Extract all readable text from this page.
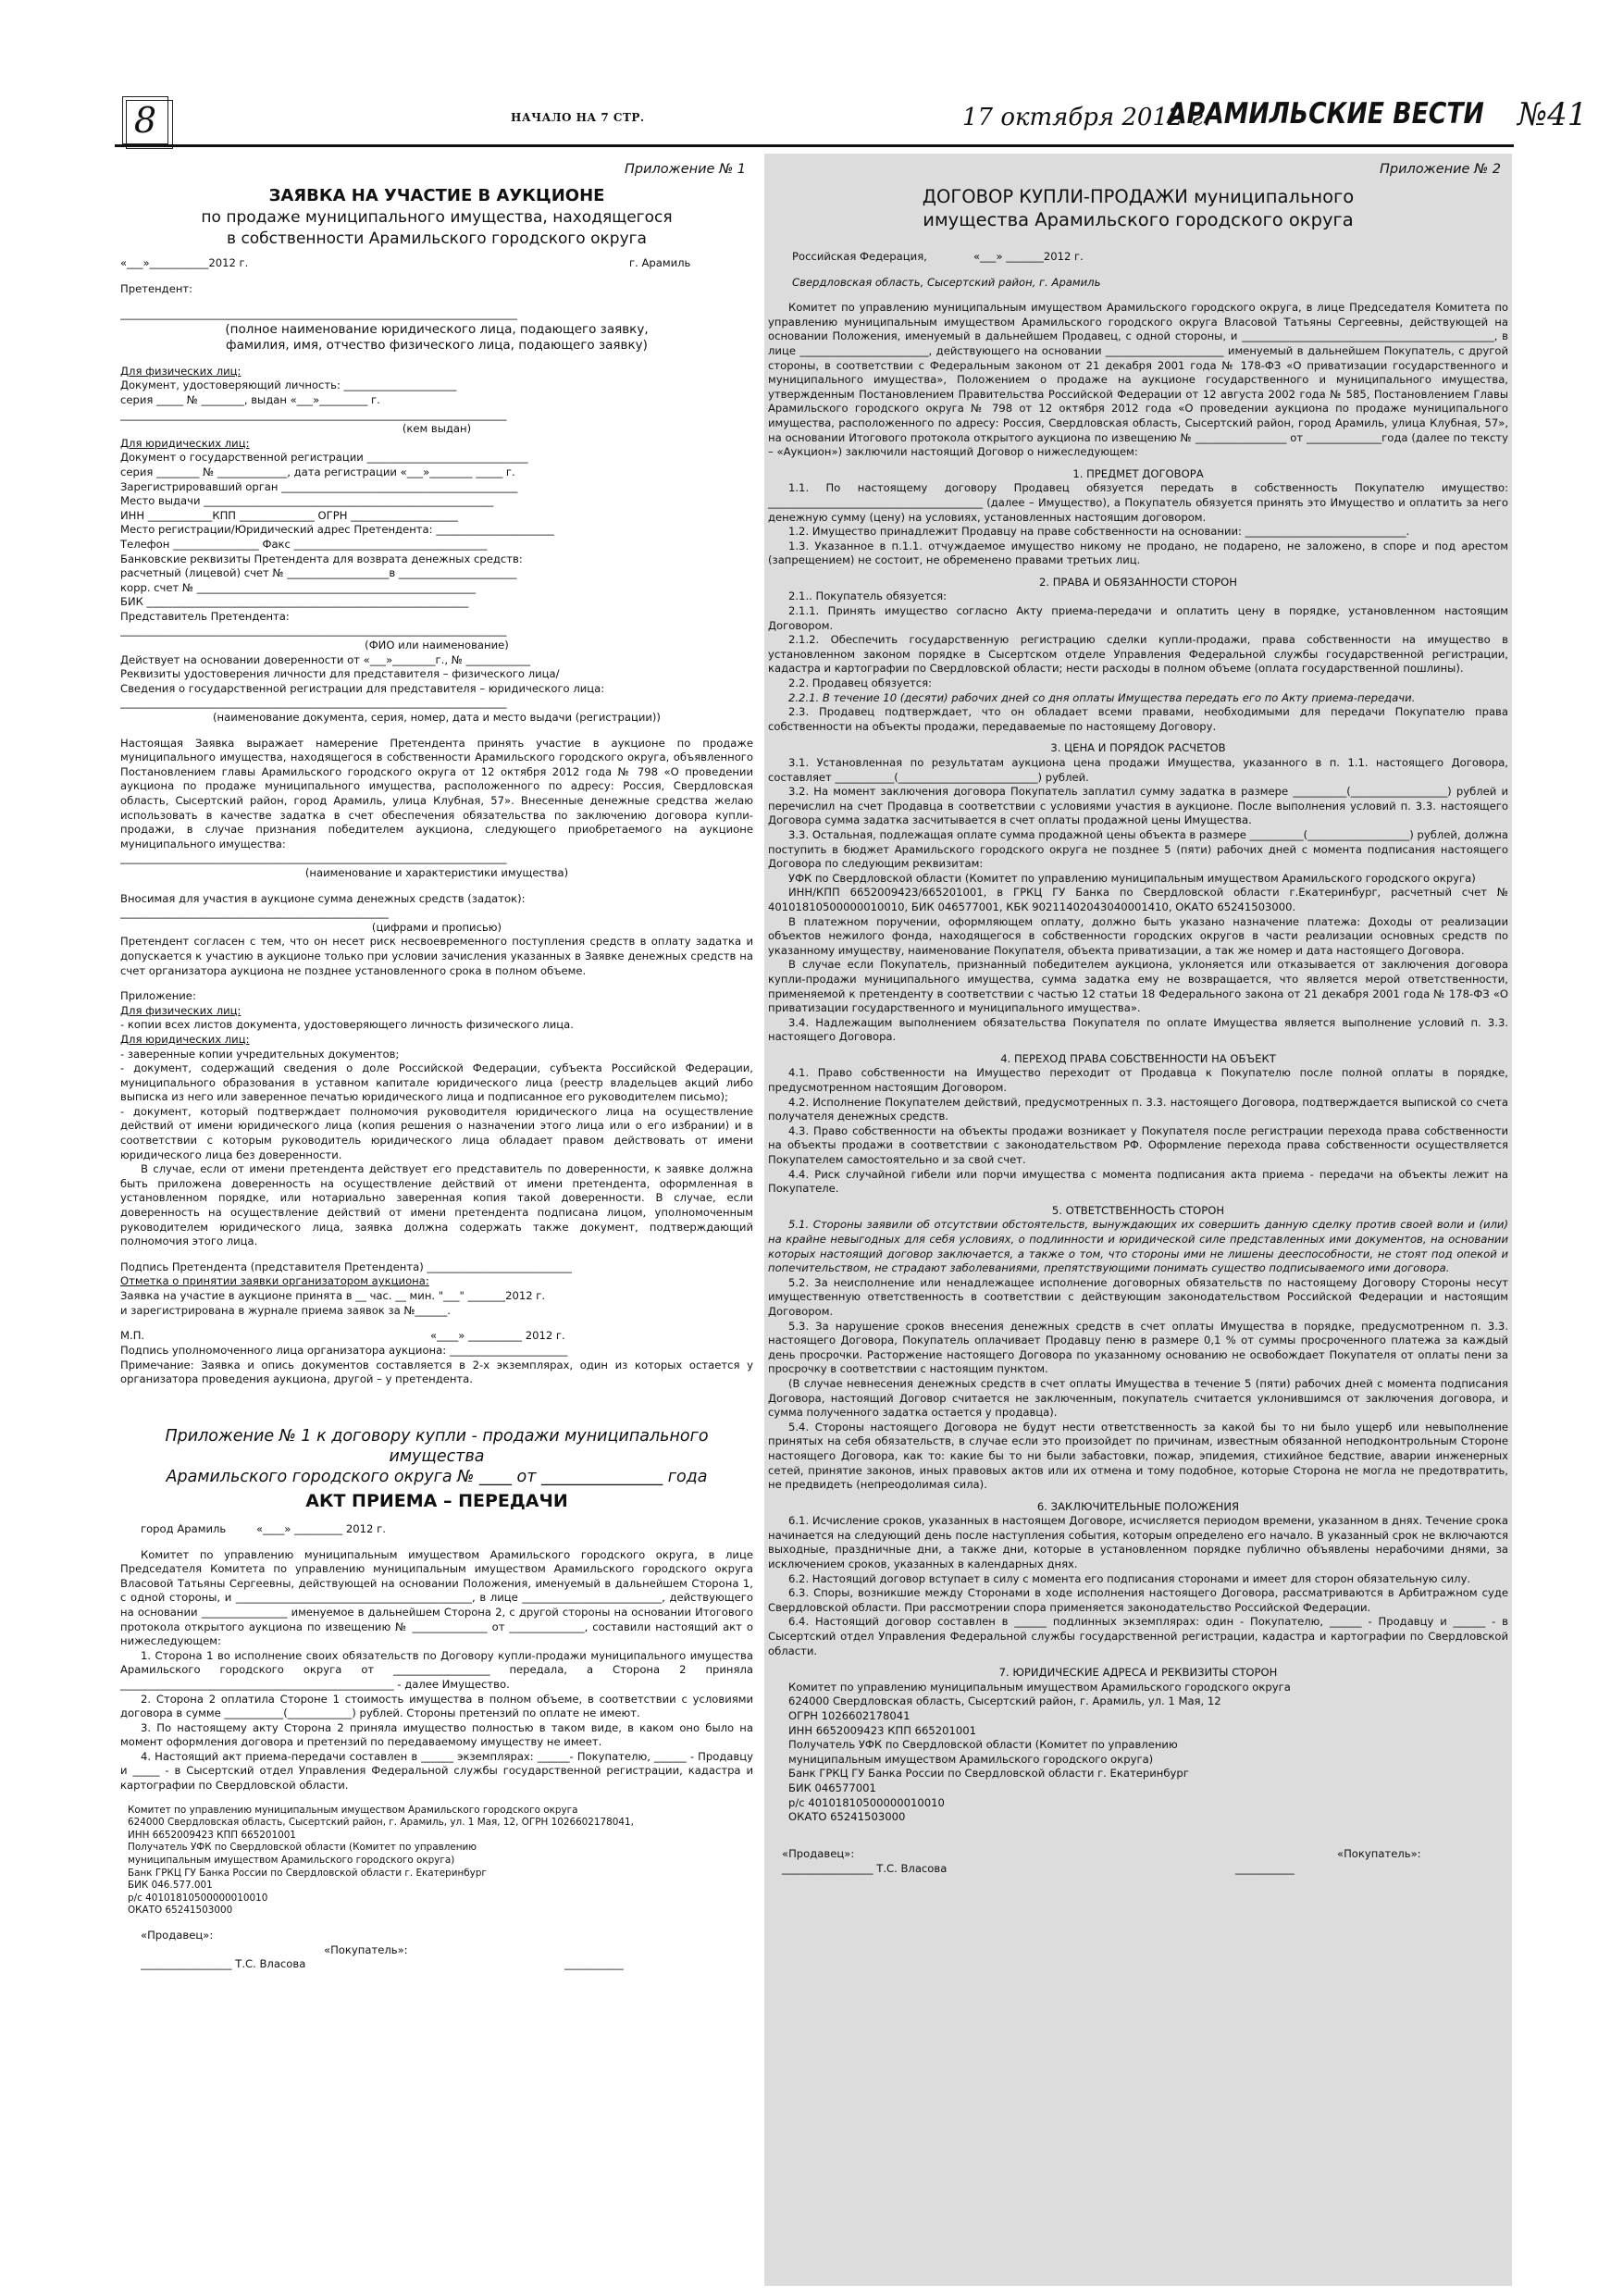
8	НАЧАЛО НА 7 СТР.	17 октября 2012 г.
АРАМИЛЬСКИЕ ВЕСТИ №41
Приложение № 1
ЗАЯВКА НА УЧАСТИЕ В АУКЦИОНЕ
по продаже муниципального имущества, находящегося
в собственности Арамильского городского округа
«___»___________2012 г.	г. Арамиль
Претендент:
__________________________________________________________________________
(полное наименование юридического лица, подающего заявку,
фамилия, имя, отчество физического лица, подающего заявку)
Для физических лиц:
Документ, удостоверяющий личность: _____________________
серия _____ № ________, выдан «___»_________ г.
________________________________________________________________________
(кем выдан)
Для юридических лиц:
Документ о государственной регистрации ______________________________
серия ________ № _____________, дата регистрации «___»________ _____ г.
Зарегистрировавший орган ____________________________________________
Место выдачи ______________________________________________________
ИНН ____________КПП ______________ ОГРН ____________________
Место регистрации/Юридический адрес Претендента: ______________________
Телефон ________________ Факс ____________________________________
Банковские реквизиты Претендента для возврата денежных средств:
расчетный (лицевой) счет № ___________________в ______________________
корр. счет № ____________________________________________________
БИК ____________________________________________________________
Представитель Претендента:
________________________________________________________________________
(ФИО или наименование)
Действует на основании доверенности от «___»________г., № ____________
Реквизиты удостоверения личности для представителя – физического лица/
Сведения о государственной регистрации для представителя – юридического лица:
________________________________________________________________________
(наименование документа, серия, номер, дата и место выдачи (регистрации))
Настоящая Заявка выражает намерение Претендента принять участие в аукционе по продаже муниципального имущества, находящегося в собственности Арамильского городского округа, объявленного Постановлением главы Арамильского городского округа от 12 октября 2012 года № 798 «О проведении аукциона по продаже муниципального имущества, расположенного по адресу: Россия, Свердловская область, Сысертский район, город Арамиль, улица Клубная, 57». Внесенные денежные средства желаю использовать в качестве задатка в счет обеспечения обязательства по заключению договора купли-продажи, в случае признания победителем аукциона, следующего приобретаемого на аукционе муниципального имущества:
________________________________________________________________________
(наименование и характеристики имущества)
Вносимая для участия в аукционе сумма денежных средств (задаток):
__________________________________________________
(цифрами и прописью)
Претендент согласен с тем, что он несет риск несвоевременного поступления средств в оплату задатка и допускается к участию в аукционе только при условии зачисления указанных в Заявке денежных средств на счет организатора аукциона не позднее установленного срока в полном объеме.
Приложение:
Для физических лиц:
- копии всех листов документа, удостоверяющего личность физического лица.
Для юридических лиц:
- заверенные копии учредительных документов;
- документ, содержащий сведения о доле Российской Федерации, субъекта Российской Федерации, муниципального образования в уставном капитале юридического лица (реестр владельцев акций либо выписка из него или заверенное печатью юридического лица и подписанное его руководителем письмо);
- документ, который подтверждает полномочия руководителя юридического лица на осуществление действий от имени юридического лица (копия решения о назначении этого лица или о его избрании) и в соответствии с которым руководитель юридического лица обладает правом действовать от имени юридического лица без доверенности.
В случае, если от имени претендента действует его представитель по доверенности, к заявке должна быть приложена доверенность на осуществление действий от имени претендента, оформленная в установленном порядке, или нотариально заверенная копия такой доверенности. В случае, если доверенность на осуществление действий от имени претендента подписана лицом, уполномоченным руководителем юридического лица, заявка должна содержать также документ, подтверждающий полномочия этого лица.
Подпись Претендента (представителя Претендента) ___________________________
Отметка о принятии заявки организатором аукциона:
Заявка на участие в аукционе принята в __ час. __ мин. "___" _______2012 г.
и зарегистрирована в журнале приема заявок за №______.
М.П.	«____» __________ 2012 г.
Подпись уполномоченного лица организатора аукциона: ______________________
Примечание: Заявка и опись документов составляется в 2-х экземплярах, один из которых остается у организатора проведения аукциона, другой – у претендента.
Приложение № 1 к договору купли - продажи муниципального имущества
Арамильского городского округа № ____ от _______________ года
АКТ ПРИЕМА – ПЕРЕДАЧИ
город Арамиль	«____» _________ 2012 г.
Комитет по управлению муниципальным имуществом Арамильского городского округа, в лице Председателя Комитета по управлению муниципальным имуществом Арамильского городского округа Власовой Татьяны Сергеевны, действующей на основании Положения, именуемый в дальнейшем Сторона 1, с одной стороны, и ____________________________________________, в лице __________________________, действующего на основании ________________ именуемое в дальнейшем Сторона 2, с другой стороны на основании Итогового протокола открытого аукциона по извещению № ______________ от ______________, составили настоящий акт о нижеследующем:
1. Сторона 1 во исполнение своих обязательств по Договору купли-продажи муниципального имущества Арамильского городского округа от __________________ передала, а Сторона 2 приняла ___________________________________________________ - далее Имущество.
2. Сторона 2 оплатила Стороне 1 стоимость имущества в полном объеме, в соответствии с условиями договора в сумме ___________(____________) рублей. Стороны претензий по оплате не имеют.
3. По настоящему акту Сторона 2 приняла имущество полностью в таком виде, в каком оно было на момент оформления договора и претензий по передаваемому имуществу не имеет.
4. Настоящий акт приема-передачи составлен в ______ экземплярах: ______- Покупателю, ______ - Продавцу и _____ - в Сысертский отдел Управления Федеральной службы государственной регистрации, кадастра и картографии по Свердловской области.
Комитет по управлению муниципальным имуществом Арамильского городского округа
624000 Свердловская область, Сысертский район, г. Арамиль, ул. 1 Мая, 12, ОГРН 1026602178041,
ИНН 6652009423 КПП 665201001
Получатель УФК по Свердловской области (Комитет по управлению
муниципальным имуществом Арамильского городского округа)
Банк ГРКЦ ГУ Банка России по Свердловской области г. Екатеринбург
БИК 046.577.001
р/с 40101810500000010010
ОКАТО 65241503000
«Продавец»:
«Покупатель»:
_________________ Т.С. Власова	___________
Приложение № 2
ДОГОВОР КУПЛИ-ПРОДАЖИ муниципального
имущества Арамильского городского округа
Российская Федерация,	«___» _______2012 г.
Свердловская область, Сысертский район, г. Арамиль
Комитет по управлению муниципальным имуществом Арамильского городского округа, в лице Председателя Комитета по управлению муниципальным имуществом Арамильского городского округа Власовой Татьяны Сергеевны, действующей на основании Положения, именуемый в дальнейшем Продавец, с одной стороны, и _______________________________________________, в лице ________________________, действующего на основании ______________________ именуемый в дальнейшем Покупатель, с другой стороны, в соответствии с Федеральным законом от 21 декабря 2001 года № 178-ФЗ «О приватизации государственного и муниципального имущества», Положением о продаже на аукционе государственного и муниципального имущества, утвержденным Постановлением Правительства Российской Федерации от 12 августа 2002 года № 585, Постановлением Главы Арамильского городского округа № 798 от 12 октября 2012 года «О проведении аукциона по продаже муниципального имущества, расположенного по адресу: Россия, Свердловская область, Сысертский район, город Арамиль, улица Клубная, 57», на основании Итогового протокола открытого аукциона по извещению № _________________ от ______________года (далее по тексту – «Аукцион») заключили настоящий Договор о нижеследующем:
1. ПРЕДМЕТ ДОГОВОРА
1.1. По настоящему договору Продавец обязуется передать в собственность Покупателю имущество: ________________________________________ (далее – Имущество), а Покупатель обязуется принять это Имущество и оплатить за него денежную сумму (цену) на условиях, установленных настоящим договором.
1.2. Имущество принадлежит Продавцу на праве собственности на основании: ______________________________.
1.3. Указанное в п.1.1. отчуждаемое имущество никому не продано, не подарено, не заложено, в споре и под арестом (запрещением) не состоит, не обременено правами третьих лиц.
2. ПРАВА И ОБЯЗАННОСТИ СТОРОН
2.1.. Покупатель обязуется:
2.1.1. Принять имущество согласно Акту приема-передачи и оплатить цену в порядке, установленном настоящим Договором.
2.1.2. Обеспечить государственную регистрацию сделки купли-продажи, права собственности на имущество в установленном законом порядке в Сысертском отделе Управления Федеральной службы государственной регистрации, кадастра и картографии по Свердловской области; нести расходы в полном объеме (оплата государственной пошлины).
2.2. Продавец обязуется:
2.2.1. В течение 10 (десяти) рабочих дней со дня оплаты Имущества передать его по Акту приема-передачи.
2.3. Продавец подтверждает, что он обладает всеми правами, необходимыми для передачи Покупателю права собственности на объекты продажи, передаваемые по настоящему Договору.
3. ЦЕНА И ПОРЯДОК РАСЧЕТОВ
3.1. Установленная по результатам аукциона цена продажи Имущества, указанного в п. 1.1. настоящего Договора, составляет ___________(__________________________) рублей.
3.2. На момент заключения договора Покупатель заплатил сумму задатка в размере __________(__________________) рублей и перечислил на счет Продавца в соответствии с условиями участия в аукционе. После выполнения условий п. 3.3. настоящего Договора сумма задатка засчитывается в счет оплаты продажной цены Имущества.
3.3. Остальная, подлежащая оплате сумма продажной цены объекта в размере __________(___________________) рублей, должна поступить в бюджет Арамильского городского округа не позднее 5 (пяти) рабочих дней с момента подписания настоящего Договора по следующим реквизитам:
УФК по Свердловской области (Комитет по управлению муниципальным имуществом Арамильского городского округа)
ИНН/КПП 6652009423/665201001, в ГРКЦ ГУ Банка по Свердловской области г.Екатеринбург, расчетный счет № 40101810500000010010, БИК 046577001, КБК 90211402043040001410, ОКАТО 65241503000.
В платежном поручении, оформляющем оплату, должно быть указано назначение платежа: Доходы от реализации объектов нежилого фонда, находящегося в собственности городских округов в части реализации основных средств по указанному имуществу, наименование Покупателя, объекта приватизации, а так же номер и дата настоящего Договора.
В случае если Покупатель, признанный победителем аукциона, уклоняется или отказывается от заключения договора купли-продажи муниципального имущества, сумма задатка ему не возвращается, что является мерой ответственности, применяемой к претенденту в соответствии с частью 12 статьи 18 Федерального закона от 21 декабря 2001 года № 178-ФЗ «О приватизации государственного и муниципального имущества».
3.4. Надлежащим выполнением обязательства Покупателя по оплате Имущества является выполнение условий п. 3.3. настоящего Договора.
4. ПЕРЕХОД ПРАВА СОБСТВЕННОСТИ НА ОБЪЕКТ
4.1. Право собственности на Имущество переходит от Продавца к Покупателю после полной оплаты в порядке, предусмотренном настоящим Договором.
4.2. Исполнение Покупателем действий, предусмотренных п. 3.3. настоящего Договора, подтверждается выпиской со счета получателя денежных средств.
4.3. Право собственности на объекты продажи возникает у Покупателя после регистрации перехода права собственности на объекты продажи в соответствии с законодательством РФ. Оформление перехода права собственности осуществляется Покупателем самостоятельно и за свой счет.
4.4. Риск случайной гибели или порчи имущества с момента подписания акта приема - передачи на объекты лежит на Покупателе.
5. ОТВЕТСТВЕННОСТЬ СТОРОН
5.1. Стороны заявили об отсутствии обстоятельств, вынуждающих их совершить данную сделку против своей воли и (или) на крайне невыгодных для себя условиях, о подлинности и юридической силе представленных ими документов, на основании которых настоящий договор заключается, а также о том, что стороны ими не лишены дееспособности, не стоят под опекой и попечительством, не страдают заболеваниями, препятствующими понимать существо подписываемого ими договора.
5.2. За неисполнение или ненадлежащее исполнение договорных обязательств по настоящему Договору Стороны несут имущественную ответственность в соответствии с действующим законодательством Российской Федерации и настоящим Договором.
5.3. За нарушение сроков внесения денежных средств в счет оплаты Имущества в порядке, предусмотренном п. 3.3. настоящего Договора, Покупатель оплачивает Продавцу пеню в размере 0,1 % от суммы просроченного платежа за каждый день просрочки. Расторжение настоящего Договора по указанному основанию не освобождает Покупателя от оплаты пени за просрочку в соответствии с настоящим пунктом.
(В случае невнесения денежных средств в счет оплаты Имущества в течение 5 (пяти) рабочих дней с момента подписания Договора, настоящий Договор считается не заключенным, покупатель считается уклонившимся от заключения договора, и сумма полученного задатка остается у продавца).
5.4. Стороны настоящего Договора не будут нести ответственность за какой бы то ни было ущерб или невыполнение принятых на себя обязательств, в случае если это произойдет по причинам, известным обязанной неподконтрольным Стороне настоящего Договора, как то: какие бы то ни были забастовки, пожар, эпидемия, стихийное бедствие, аварии инженерных сетей, принятие законов, иных правовых актов или их отмена и тому подобное, которые Сторона не могла не предотвратить, не предвидеть (непреодолимая сила).
6. ЗАКЛЮЧИТЕЛЬНЫЕ ПОЛОЖЕНИЯ
6.1. Исчисление сроков, указанных в настоящем Договоре, исчисляется периодом времени, указанном в днях. Течение срока начинается на следующий день после наступления события, которым определено его начало. В указанный срок не включаются выходные, праздничные дни, а также дни, которые в установленном порядке публично объявлены нерабочими днями, за исключением сроков, указанных в календарных днях.
6.2. Настоящий договор вступает в силу с момента его подписания сторонами и имеет для сторон обязательную силу.
6.3. Споры, возникшие между Сторонами в ходе исполнения настоящего Договора, рассматриваются в Арбитражном суде Свердловской области. При рассмотрении спора применяется законодательство Российской Федерации.
6.4. Настоящий договор составлен в ______ подлинных экземплярах: один - Покупателю, ______ - Продавцу и ______ - в Сысертский отдел Управления Федеральной службы государственной регистрации, кадастра и картографии по Свердловской области.
7. ЮРИДИЧЕСКИЕ АДРЕСА И РЕКВИЗИТЫ СТОРОН
Комитет по управлению муниципальным имуществом Арамильского городского округа
624000 Свердловская область, Сысертский район, г. Арамиль, ул. 1 Мая, 12
ОГРН 1026602178041
ИНН 6652009423 КПП 665201001
Получатель УФК по Свердловской области (Комитет по управлению
муниципальным имуществом Арамильского городского округа)
Банк ГРКЦ ГУ Банка России по Свердловской области г. Екатеринбург
БИК 046577001
р/с 40101810500000010010
ОКАТО 65241503000
«Продавец»:	«Покупатель»:
_________________ Т.С. Власова	___________
